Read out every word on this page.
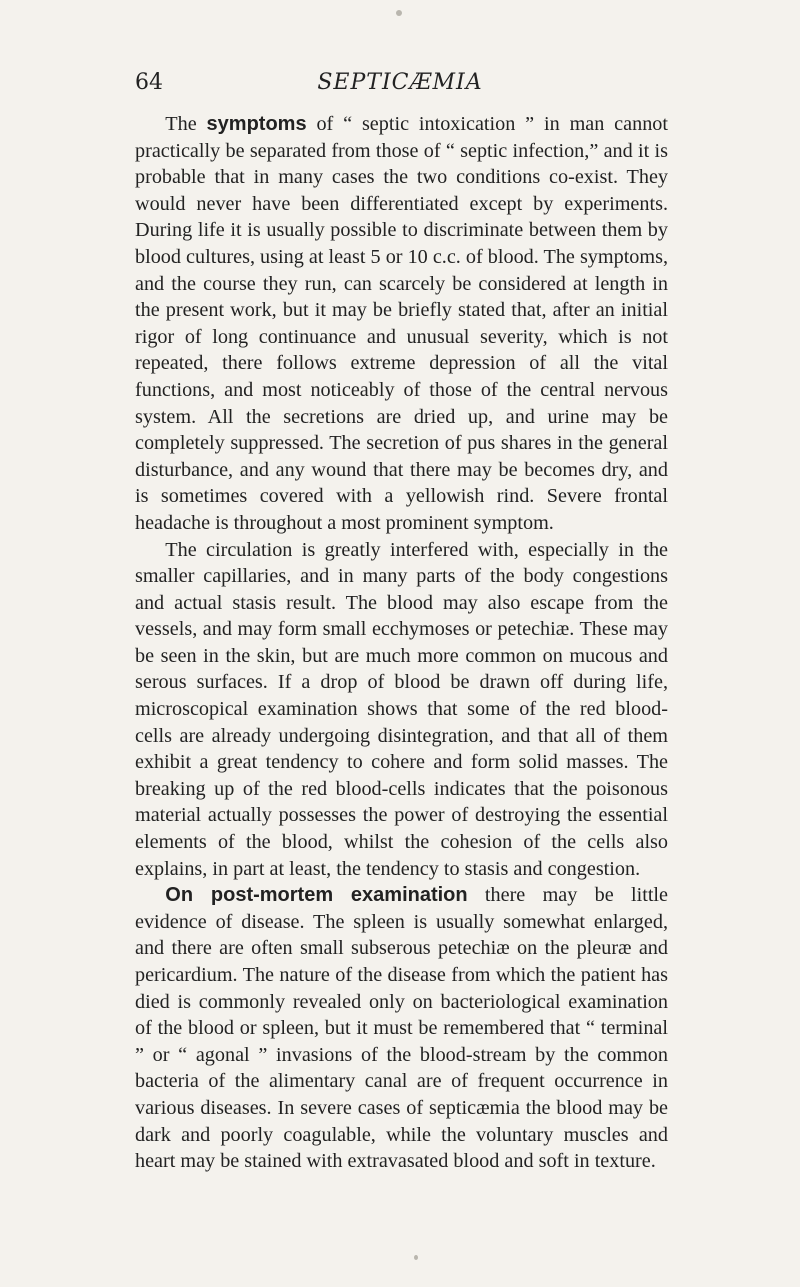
64	SEPTICÆMIA

The symptoms of “ septic intoxication ” in man cannot practically be separated from those of “ septic infection,” and it is probable that in many cases the two conditions co-exist. They would never have been differentiated except by experiments. During life it is usually possible to discriminate between them by blood cultures, using at least 5 or 10 c.c. of blood. The symptoms, and the course they run, can scarcely be considered at length in the present work, but it may be briefly stated that, after an initial rigor of long continuance and unusual severity, which is not repeated, there follows extreme depression of all the vital functions, and most noticeably of those of the central nervous system. All the secretions are dried up, and urine may be completely suppressed. The secretion of pus shares in the general disturbance, and any wound that there may be becomes dry, and is sometimes covered with a yellowish rind. Severe frontal headache is throughout a most prominent symptom.

The circulation is greatly interfered with, especially in the smaller capillaries, and in many parts of the body congestions and actual stasis result. The blood may also escape from the vessels, and may form small ecchymoses or petechiæ. These may be seen in the skin, but are much more common on mucous and serous surfaces. If a drop of blood be drawn off during life, microscopical examination shows that some of the red blood-cells are already undergoing disintegration, and that all of them exhibit a great tendency to cohere and form solid masses. The breaking up of the red blood-cells indicates that the poisonous material actually possesses the power of destroying the essential elements of the blood, whilst the cohesion of the cells also explains, in part at least, the tendency to stasis and congestion.

On post-mortem examination there may be little evidence of disease. The spleen is usually somewhat enlarged, and there are often small subserous petechiæ on the pleuræ and pericardium. The nature of the disease from which the patient has died is commonly revealed only on bacteriological examination of the blood or spleen, but it must be remembered that “ terminal ” or “ agonal ” invasions of the blood-stream by the common bacteria of the alimentary canal are of frequent occurrence in various diseases. In severe cases of septicæmia the blood may be dark and poorly coagulable, while the voluntary muscles and heart may be stained with extravasated blood and soft in texture.
